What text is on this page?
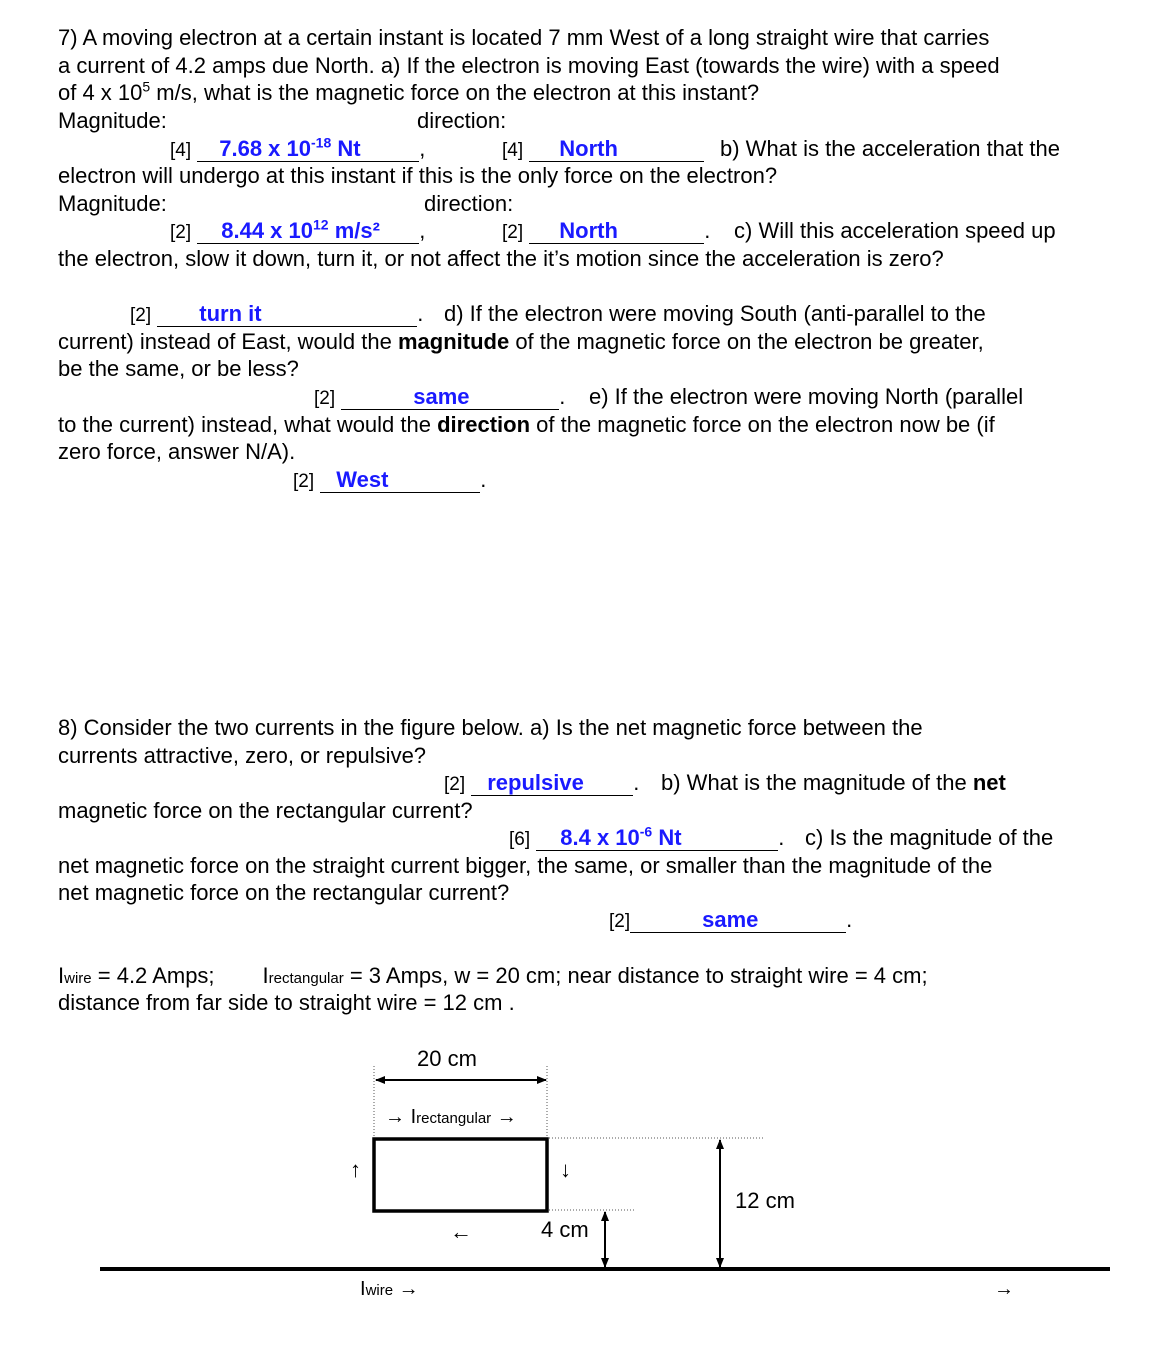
7) A moving electron at a certain instant is located 7 mm West of a long straight wire that carries
a current of 4.2 amps due North. a) If the electron is moving East (towards the wire) with a speed
of 4 x $10^5$ m/s, what is the magnetic force on the electron at this instant?
Magnitude:	direction:
[4] 7.68 x $10^{-18}$ Nt	,	[4] North	b) What is the acceleration that the
electron will undergo at this instant if this is the only force on the electron?
Magnitude:	direction:
[2] 8.44 x $10^{12}$ m/s² ,	[2] North	. c) Will this acceleration speed up
the electron, slow it down, turn it, or not affect the it’s motion since the acceleration is zero?
[2] turn it	. d) If the electron were moving South (anti-parallel to the
current) instead of East, would the magnitude of the magnetic force on the electron be greater,
be the same, or be less?
[2]	same	. e) If the electron were moving North (parallel
to the current) instead, what would the direction of the magnetic force on the electron now be (if
zero force, answer N/A).
[2] West	.
8) Consider the two currents in the figure below. a) Is the net magnetic force between the
currents attractive, zero, or repulsive?
[2] repulsive . b) What is the magnitude of the net
magnetic force on the rectangular current?
[6] 8.4 x $10^{-6}$ Nt	. c) Is the magnitude of the
net magnetic force on the straight current bigger, the same, or smaller than the magnitude of the
net magnetic force on the rectangular current?
[2]	same	.
Iwire = 4.2 Amps; Irectangular = 3 Amps, w = 20 cm; near distance to straight wire = 4 cm;
distance from far side to straight wire = 12 cm .
20 cm
→ Irectangular →
↑	↓
←	4 cm
12 cm
Iwire →	→
